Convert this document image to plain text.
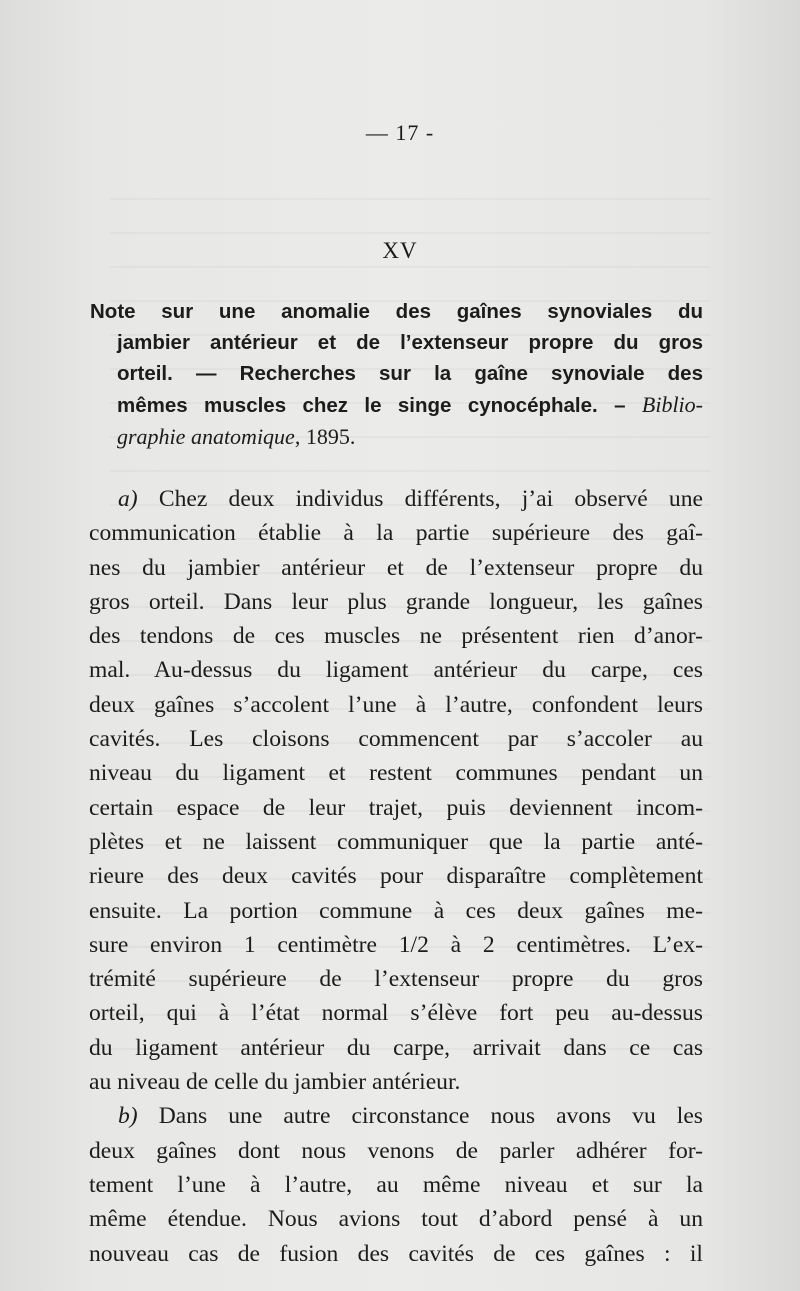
— 17 -
XV
Note sur une anomalie des gaînes synoviales du
jambier antérieur et de l’extenseur propre du gros
orteil. — Recherches sur la gaîne synoviale des
mêmes muscles chez le singe cynocéphale. – Biblio-
graphie anatomique, 1895.
a) Chez deux individus différents, j’ai observé une
communication établie à la partie supérieure des gaî-
nes du jambier antérieur et de l’extenseur propre du
gros orteil. Dans leur plus grande longueur, les gaînes
des tendons de ces muscles ne présentent rien d’anor-
mal. Au-dessus du ligament antérieur du carpe, ces
deux gaînes s’accolent l’une à l’autre, confondent leurs
cavités. Les cloisons commencent par s’accoler au
niveau du ligament et restent communes pendant un
certain espace de leur trajet, puis deviennent incom-
plètes et ne laissent communiquer que la partie anté-
rieure des deux cavités pour disparaître complètement
ensuite. La portion commune à ces deux gaînes me-
sure environ 1 centimètre 1/2 à 2 centimètres. L’ex-
trémité supérieure de l’extenseur propre du gros
orteil, qui à l’état normal s’élève fort peu au-dessus
du ligament antérieur du carpe, arrivait dans ce cas
au niveau de celle du jambier antérieur.
b) Dans une autre circonstance nous avons vu les
deux gaînes dont nous venons de parler adhérer for-
tement l’une à l’autre, au même niveau et sur la
même étendue. Nous avions tout d’abord pensé à un
nouveau cas de fusion des cavités de ces gaînes : il
